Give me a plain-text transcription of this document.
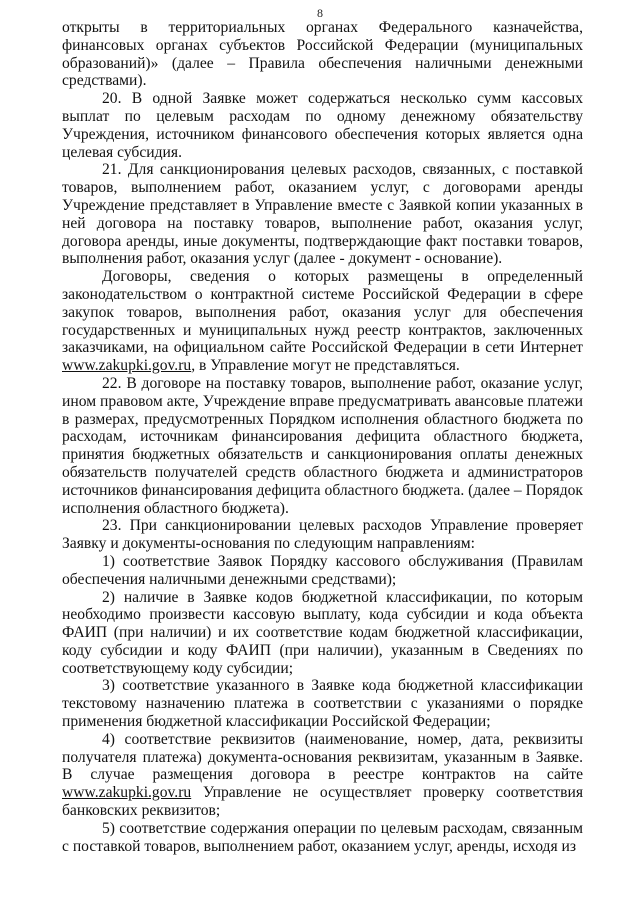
8

открыты в территориальных органах Федерального казначейства, финансовых органах субъектов Российской Федерации (муниципальных образований)» (далее – Правила обеспечения наличными денежными средствами).

20. В одной Заявке может содержаться несколько сумм кассовых выплат по целевым расходам по одному денежному обязательству Учреждения, источником финансового обеспечения которых является одна целевая субсидия.

21. Для санкционирования целевых расходов, связанных, с поставкой товаров, выполнением работ, оказанием услуг, с договорами аренды Учреждение представляет в Управление вместе с Заявкой копии указанных в ней договора на поставку товаров, выполнение работ, оказания услуг, договора аренды, иные документы, подтверждающие факт поставки товаров, выполнения работ, оказания услуг (далее - документ - основание).

Договоры, сведения о которых размещены в определенный законодательством о контрактной системе Российской Федерации в сфере закупок товаров, выполнения работ, оказания услуг для обеспечения государственных и муниципальных нужд реестр контрактов, заключенных заказчиками, на официальном сайте Российской Федерации в сети Интернет www.zakupki.gov.ru, в Управление могут не представляться.

22. В договоре на поставку товаров, выполнение работ, оказание услуг, ином правовом акте, Учреждение вправе предусматривать авансовые платежи в размерах, предусмотренных Порядком исполнения областного бюджета по расходам, источникам финансирования дефицита областного бюджета, принятия бюджетных обязательств и санкционирования оплаты денежных обязательств получателей средств областного бюджета и администраторов источников финансирования дефицита областного бюджета. (далее – Порядок исполнения областного бюджета).

23. При санкционировании целевых расходов Управление проверяет Заявку и документы-основания по следующим направлениям:

1) соответствие Заявок Порядку кассового обслуживания (Правилам обеспечения наличными денежными средствами);

2) наличие в Заявке кодов бюджетной классификации, по которым необходимо произвести кассовую выплату, кода субсидии и кода объекта ФАИП (при наличии) и их соответствие кодам бюджетной классификации, коду субсидии и коду ФАИП (при наличии), указанным в Сведениях по соответствующему коду субсидии;

3) соответствие указанного в Заявке кода бюджетной классификации текстовому назначению платежа в соответствии с указаниями о порядке применения бюджетной классификации Российской Федерации;

4) соответствие реквизитов (наименование, номер, дата, реквизиты получателя платежа) документа-основания реквизитам, указанным в Заявке. В случае размещения договора в реестре контрактов на сайте www.zakupki.gov.ru Управление не осуществляет проверку соответствия банковских реквизитов;

5) соответствие содержания операции по целевым расходам, связанным с поставкой товаров, выполнением работ, оказанием услуг, аренды, исходя из
